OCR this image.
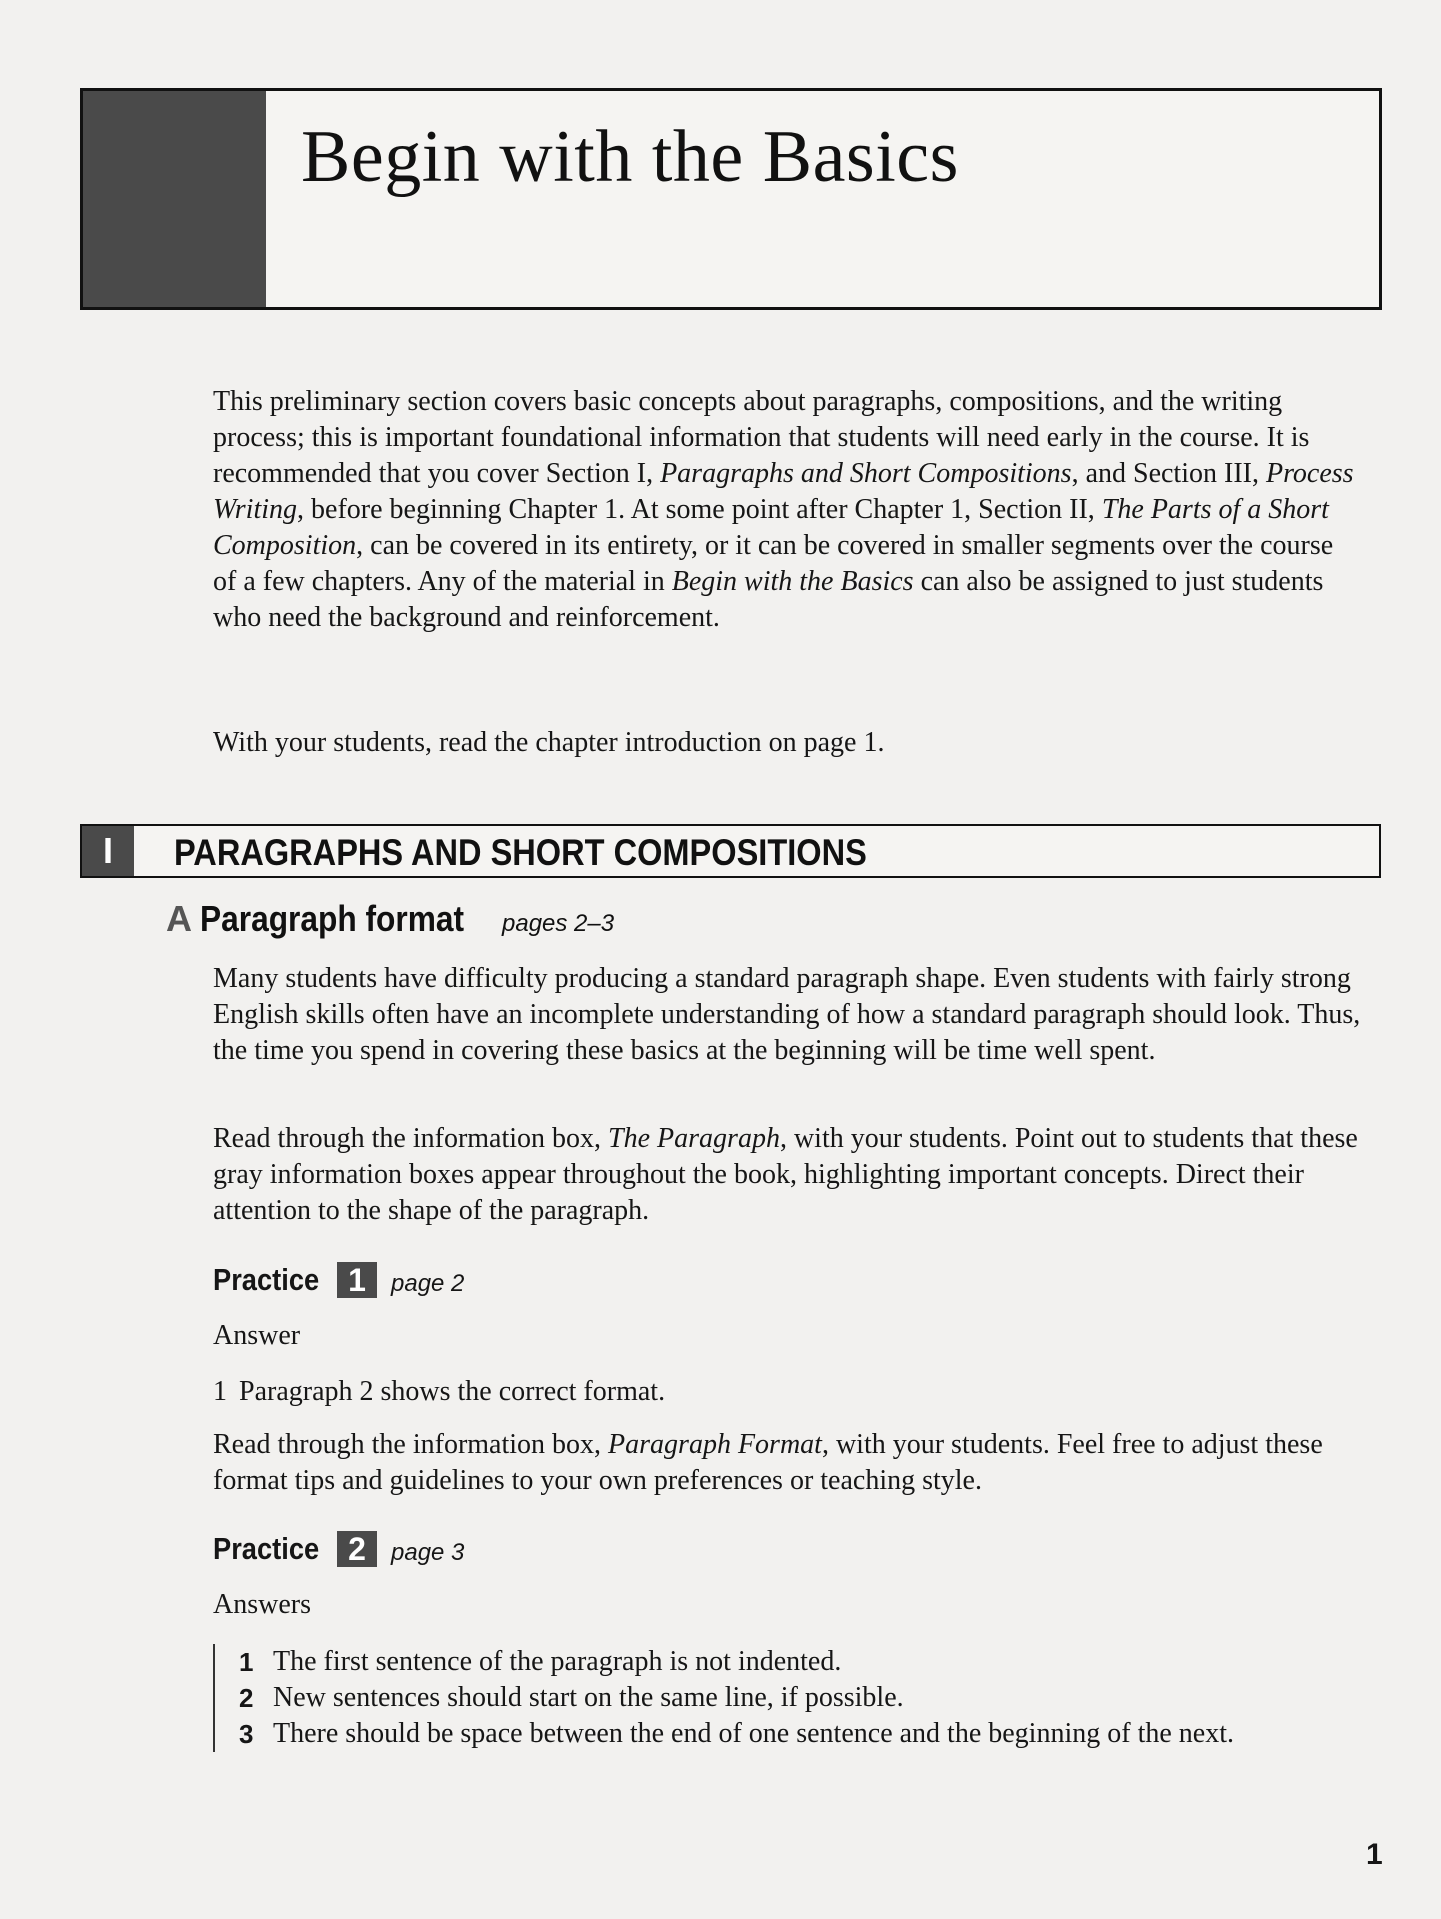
Begin with the Basics

This preliminary section covers basic concepts about paragraphs, compositions, and the writing process; this is important foundational information that students will need early in the course. It is recommended that you cover Section I, Paragraphs and Short Compositions, and Section III, Process Writing, before beginning Chapter 1. At some point after Chapter 1, Section II, The Parts of a Short Composition, can be covered in its entirety, or it can be covered in smaller segments over the course of a few chapters. Any of the material in Begin with the Basics can also be assigned to just students who need the background and reinforcement.

With your students, read the chapter introduction on page 1.

I	PARAGRAPHS AND SHORT COMPOSITIONS
A Paragraph format pages 2–3

Many students have difficulty producing a standard paragraph shape. Even students with fairly strong English skills often have an incomplete understanding of how a standard paragraph should look. Thus, the time you spend in covering these basics at the beginning will be time well spent.

Read through the information box, The Paragraph, with your students. Point out to students that these gray information boxes appear throughout the book, highlighting important concepts. Direct their attention to the shape of the paragraph.

Practice 1	page 2
Answer
1 Paragraph 2 shows the correct format.

Read through the information box, Paragraph Format, with your students. Feel free to adjust these format tips and guidelines to your own preferences or teaching style.

Practice 2	page 3
Answers
1 The first sentence of the paragraph is not indented.
2 New sentences should start on the same line, if possible.
3 There should be space between the end of one sentence and the beginning of the next.
1
